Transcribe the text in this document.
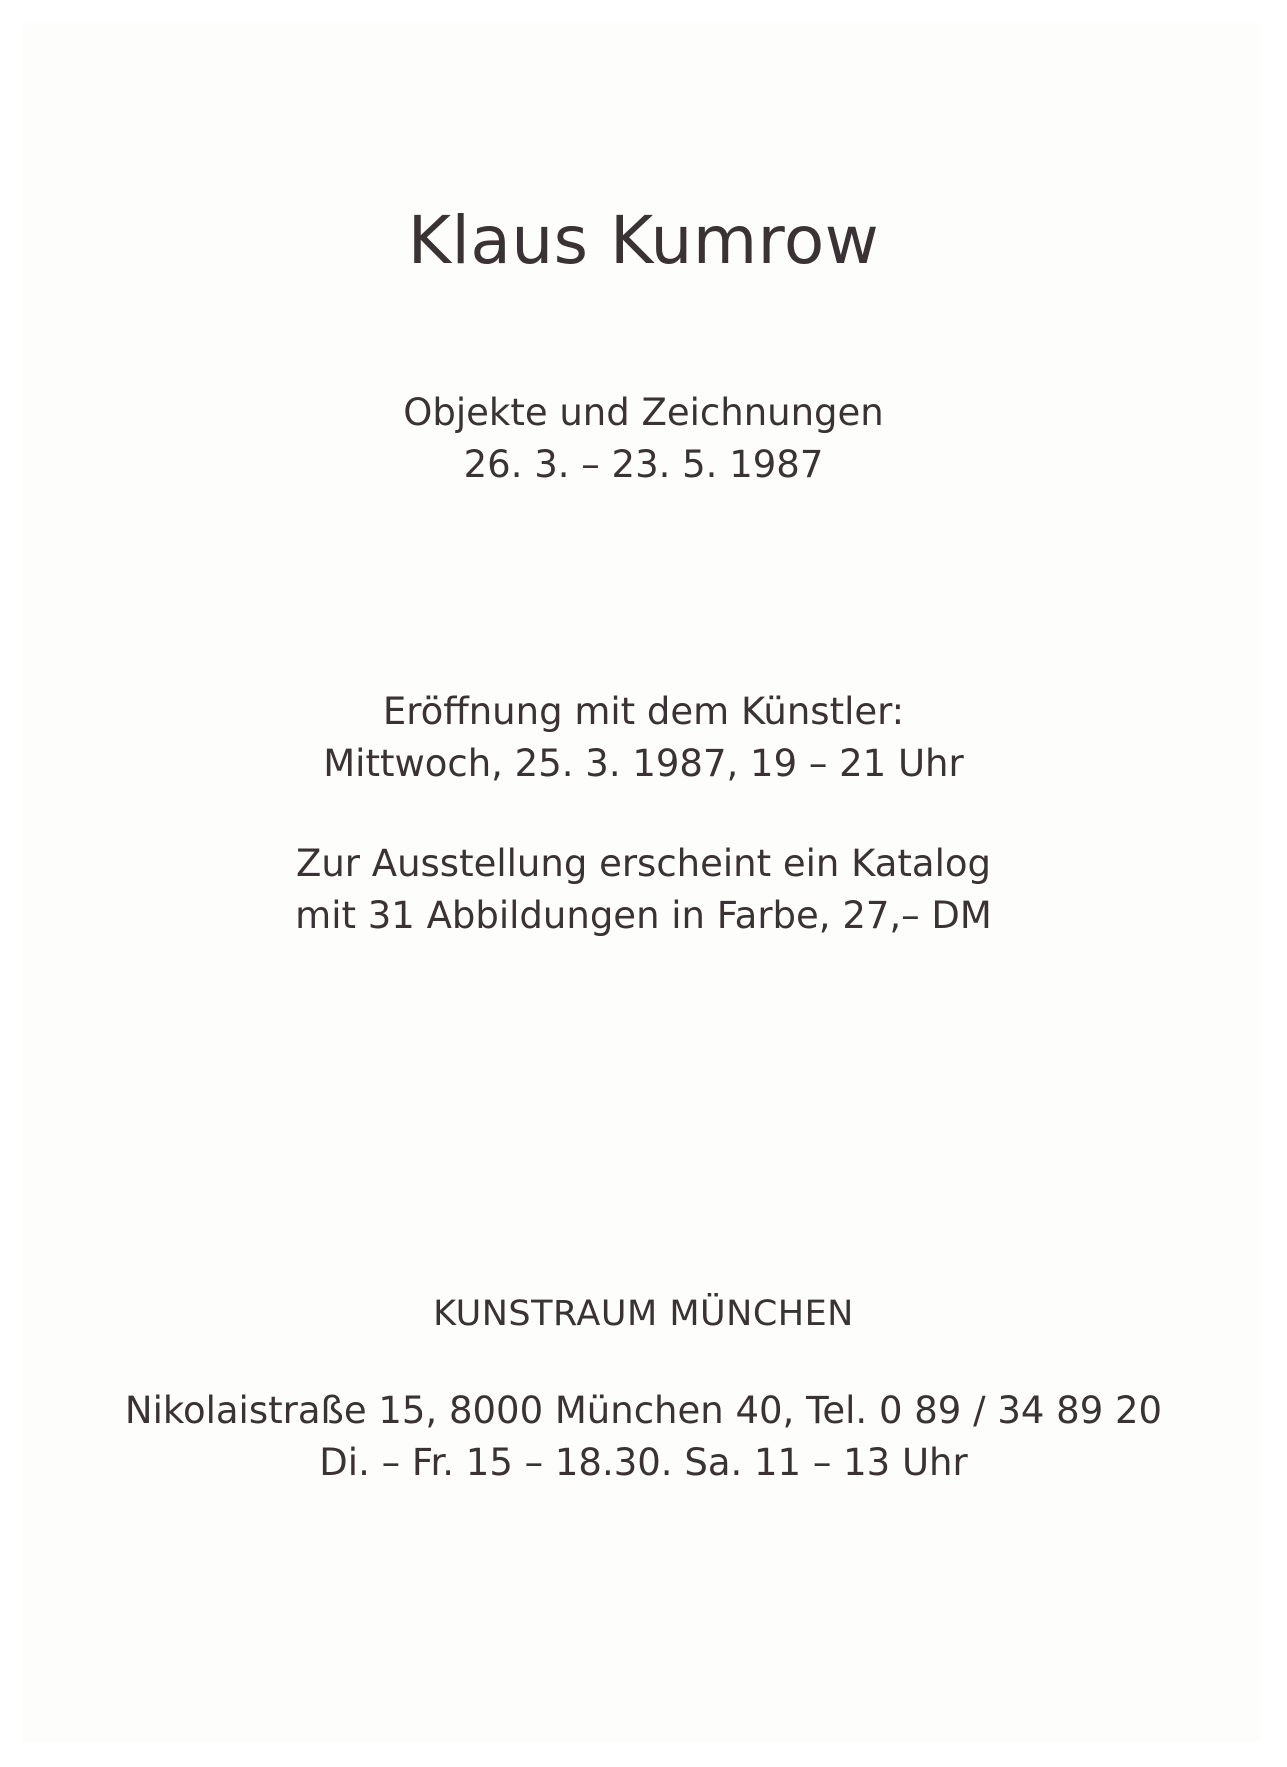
Klaus Kumrow
Objekte und Zeichnungen
26. 3. – 23. 5. 1987
Eröffnung mit dem Künstler:
Mittwoch, 25. 3. 1987, 19 – 21 Uhr
Zur Ausstellung erscheint ein Katalog
mit 31 Abbildungen in Farbe, 27,– DM
KUNSTRAUM MÜNCHEN
Nikolaistraße 15, 8000 München 40, Tel. 0 89 / 34 89 20
Di. – Fr. 15 – 18.30. Sa. 11 – 13 Uhr
